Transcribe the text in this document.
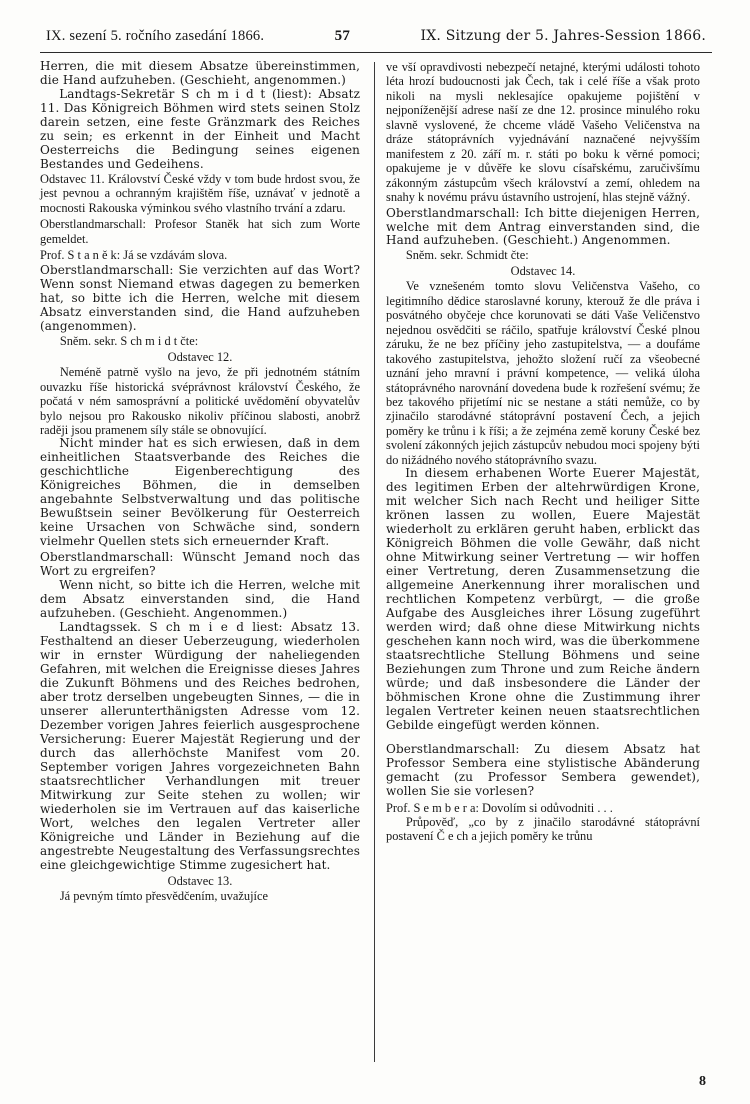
IX. sezení 5. ročního zasedání 1866.	57	IX. Sitzung der 5. Jahres-Session 1866.

Herren, die mit diesem Absatze übereinstimmen, die Hand aufzuheben. (Geschieht, angenommen.)

Landtags-Sekretär S ch m i d t (liest): Absatz 11. Das Königreich Böhmen wird stets seinen Stolz darein setzen, eine feste Gränzmark des Reiches zu sein; es erkennt in der Einheit und Macht Oesterreichs die Bedingung seines eigenen Bestandes und Gedeihens.

Odstavec 11. Království České vždy v tom bude hrdost svou, že jest pevnou a ochranným krajištěm říše, uznávať v jednotě a mocnosti Rakouska výminkou svého vlastního trvání a zdaru.

Oberstlandmarschall: Profesor Staněk hat sich zum Worte gemeldet.

Prof. S t a n ě k: Já se vzdávám slova.

Oberstlandmarschall: Sie verzichten auf das Wort? Wenn sonst Niemand etwas dagegen zu bemerken hat, so bitte ich die Herren, welche mit diesem Absatz einverstanden sind, die Hand aufzuheben (angenommen).

Sněm. sekr. S ch m i d t čte:

Odstavec 12.

Neméně patrně vyšlo na jevo, že při jednotném státním ouvazku říše historická svéprávnost království Českého, že počatá v ném samosprávní a politické uvědomění obyvatelův bylo nejsou pro Rakousko nikoliv příčinou slabosti, anobrž raději jsou pramenem síly stále se obnovující.

Nicht minder hat es sich erwiesen, daß in dem einheitlichen Staatsverbande des Reiches die geschichtliche Eigenberechtigung des Königreiches Böhmen, die in demselben angebahnte Selbstverwaltung und das politische Bewußtsein seiner Bevölkerung für Oesterreich keine Ursachen von Schwäche sind, sondern vielmehr Quellen stets sich erneuernder Kraft.

Oberstlandmarschall: Wünscht Jemand noch das Wort zu ergreifen?

Wenn nicht, so bitte ich die Herren, welche mit dem Absatz einverstanden sind, die Hand aufzuheben. (Geschieht. Angenommen.)

Landtagssek. S ch m i e d liest: Absatz 13. Festhaltend an dieser Ueberzeugung, wiederholen wir in ernster Würdigung der naheliegenden Gefahren, mit welchen die Ereignisse dieses Jahres die Zukunft Böhmens und des Reiches bedrohen, aber trotz derselben ungebeugten Sinnes, — die in unserer allerunterthänigsten Adresse vom 12. Dezember vorigen Jahres feierlich ausgesprochene Versicherung: Euerer Majestät Regierung und der durch das allerhöchste Manifest vom 20. September vorigen Jahres vorgezeichneten Bahn staatsrechtlicher Verhandlungen mit treuer Mitwirkung zur Seite stehen zu wollen; wir wiederholen sie im Vertrauen auf das kaiserliche Wort, welches den legalen Vertreter aller Königreiche und Länder in Beziehung auf die angestrebte Neugestaltung des Verfassungsrechtes eine gleichgewichtige Stimme zugesichert hat.

Odstavec 13.

Já pevným tímto přesvědčením, uvažujíce

ve vší opravdivosti nebezpečí netajné, kterými události tohoto léta hrozí budoucnosti jak Čech, tak i celé říše a však proto nikoli na mysli neklesajíce opakujeme pojištění v nejponíženější adrese naší ze dne 12. prosince minulého roku slavně vyslovené, že chceme vládě Vašeho Veličenstva na dráze státoprávních vyjednávání naznačené nejvyšším manifestem z 20. září m. r. státi po boku k věrné pomoci; opakujeme je v důvěře ke slovu císařskému, zaručivšímu zákonným zástupcům všech království a zemí, ohledem na snahy k novému právu ústavního ustrojení, hlas stejně vážný.

Oberstlandmarschall: Ich bitte diejenigen Herren, welche mit dem Antrag einverstanden sind, die Hand aufzuheben. (Geschieht.) Angenommen.

Sněm. sekr. Schmidt čte:

Odstavec 14.

Ve vznešeném tomto slovu Veličenstva Vašeho, co legitimního dědice staroslavné koruny, kterouž že dle práva i posvátného obyčeje chce korunovati se dáti Vaše Veličenstvo nejednou osvědčiti se ráčilo, spatřuje království České plnou záruku, že ne bez příčiny jeho zastupitelstva, — a doufáme takového zastupitelstva, jehožto složení ručí za všeobecné uznání jeho mravní i právní kompetence, — veliká úloha státoprávného narovnání dovedena bude k rozřešení svému; že bez takového přijetímí nic se nestane a státi nemůže, co by zjinačilo starodávné státoprávní postavení Čech, a jejich poměry ke trůnu i k říši; a že zejména země koruny České bez svolení zákonných jejich zástupcův nebudou moci spojeny býti do nižádného nového státoprávního svazu.

In diesem erhabenen Worte Euerer Majestät, des legitimen Erben der altehrwürdigen Krone, mit welcher Sich nach Recht und heiliger Sitte krönen lassen zu wollen, Euere Majestät wiederholt zu erklären geruht haben, erblickt das Königreich Böhmen die volle Gewähr, daß nicht ohne Mitwirkung seiner Vertretung — wir hoffen einer Vertretung, deren Zusammensetzung die allgemeine Anerkennung ihrer moralischen und rechtlichen Kompetenz verbürgt, — die große Aufgabe des Ausgleiches ihrer Lösung zugeführt werden wird; daß ohne diese Mitwirkung nichts geschehen kann noch wird, was die überkommene staatsrechtliche Stellung Böhmens und seine Beziehungen zum Throne und zum Reiche ändern würde; und daß insbesondere die Länder der böhmischen Krone ohne die Zustimmung ihrer legalen Vertreter keinen neuen staatsrechtlichen Gebilde eingefügt werden können.

Oberstlandmarschall: Zu diesem Absatz hat Professor Sembera eine stylistische Abänderung gemacht (zu Professor Sembera gewendet), wollen Sie sie vorlesen?

Prof. S e m b e r a: Dovolím si odůvodniti . . .

Průpověď, „co by z jinačilo starodávné státoprávní postavení Č e ch a jejich poměry ke trůnu

8
